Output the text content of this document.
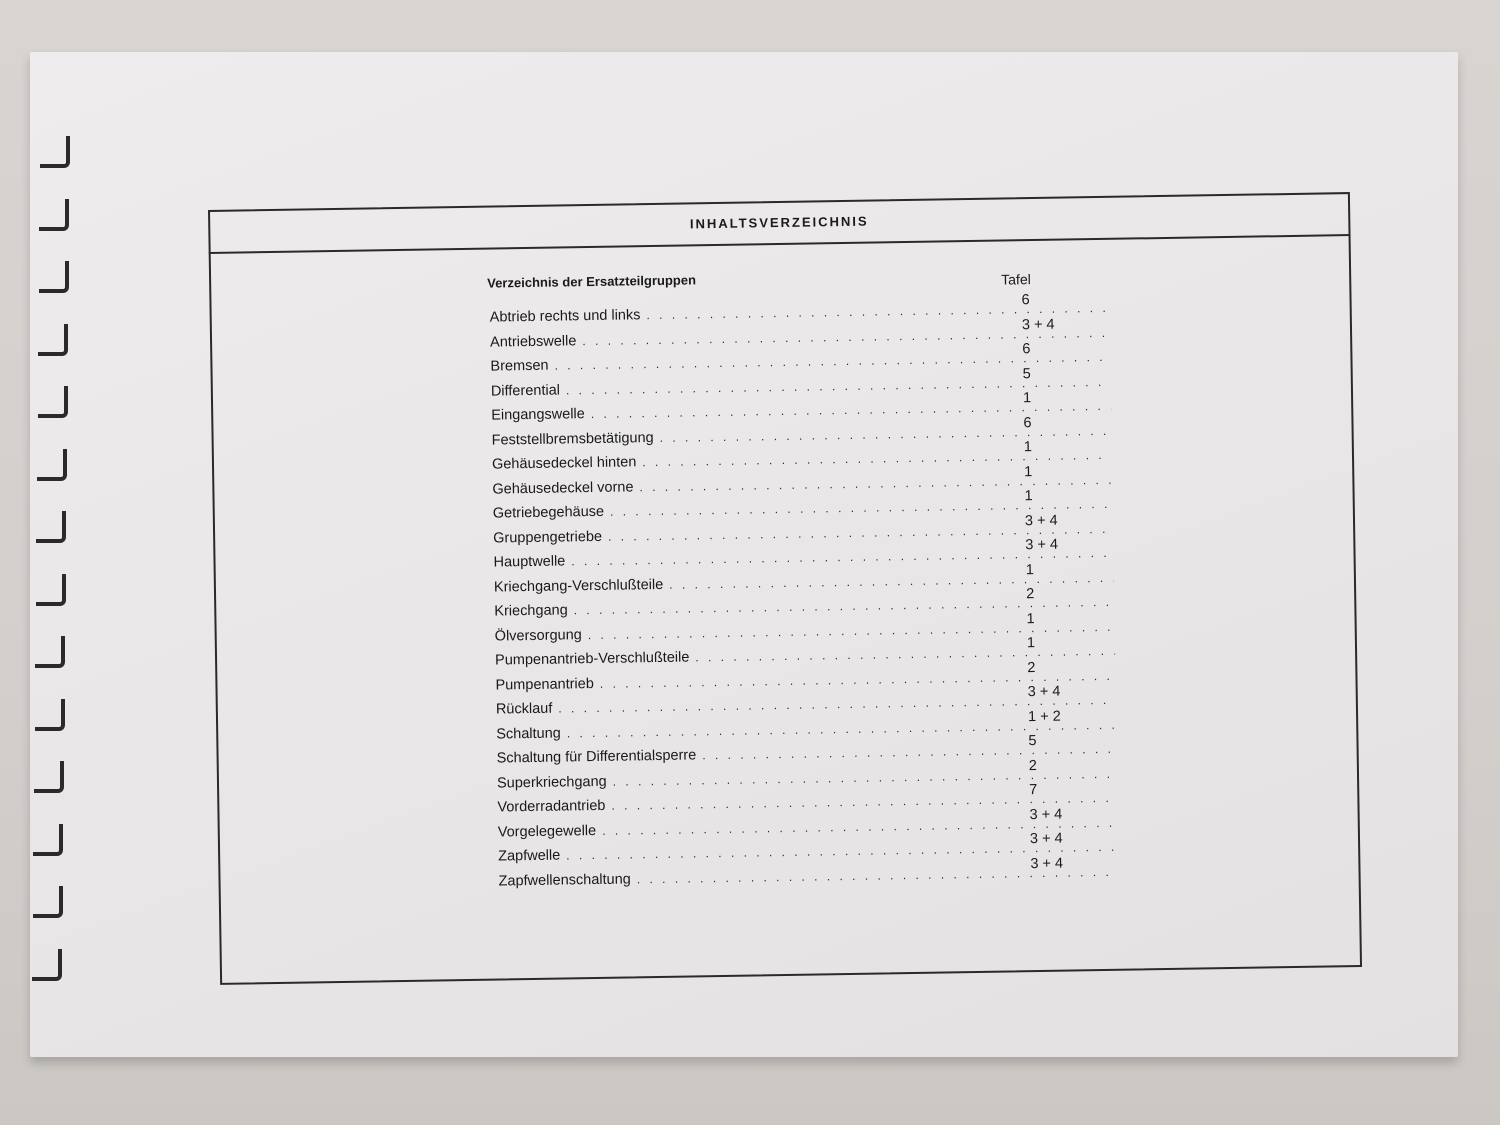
INHALTSVERZEICHNIS
Verzeichnis der Ersatzteilgruppen	Tafel
Abtrieb rechts und links
. . .
6
Antriebswelle
. . .
3 + 4
Bremsen
. . .
6
Differential
. . .
5
Eingangswelle
. . .
1
Feststellbremsbetätigung
. . .
6
Gehäusedeckel hinten
. . .
1
Gehäusedeckel vorne
. . .
1
Getriebegehäuse
. . .
1
Gruppengetriebe
. . .
3 + 4
Hauptwelle
. . .
3 + 4
Kriechgang-Verschlußteile
. . .
1
Kriechgang
. . .
2
Ölversorgung
. . .
1
Pumpenantrieb-Verschlußteile
. . .
1
Pumpenantrieb
. . .
2
Rücklauf
. . .
3 + 4
Schaltung
. . .
1 + 2
Schaltung für Differentialsperre
. . .
5
Superkriechgang
. . .
2
Vorderradantrieb
. . .
7
Vorgelegewelle
. . .
3 + 4
Zapfwelle
. . .
3 + 4
Zapfwellenschaltung
. . .
3 + 4
